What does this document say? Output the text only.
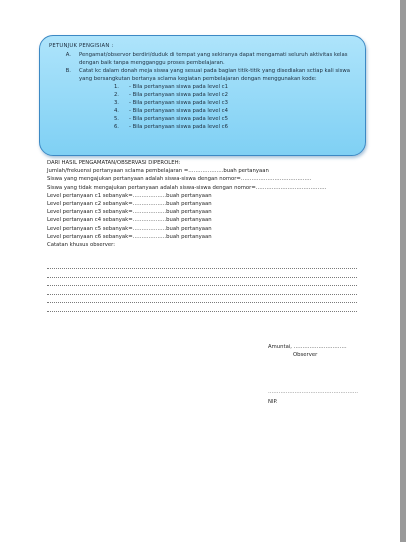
PETUNJUK PENGISIAN :
A.	Pengamat/observor berdiri/duduk di tempat yang sekiranya dapat mengamati seluruh aktivitas kelas dengan baik tanpa mengganggu proses pembelajaran.
B.	Catat kc dalam donah meja siswa yang sesuai pada bagian titik-titik yang disediakan sctiap kali siswa yang bersangkutan bertanya sclama kegiatan pembelajaran dengan menggunakan kode:
1.	- Bila pertanyaan siswa pada level c1
2.	- Bila pertanyaan siswa pada level c2
3.	- Bila pertanyaan siswa pada level c3
4.	- Bila pertanyaan siswa pada level c4
5.	- Bila pertanyaan siswa pada level c5
6.	- Bila pertanyaan siswa pada level c6
DARI HASIL PENGAMATAN/OBSERVASI DIPEROLEH:
Jumlah/frekuensi pertanyaan sclama pembelajaran =………………..buah pertanyaan
Siswa yang mengajukan pertanyaan adalah siswa-siswa dengan nomor=………………………………….
Siswa yang tidak mengajukan pertanyaan adalah siswa-siswa dengan nomor=………………………………….
Level pertanyaan c1 sebanyak=……………….buah pertanyaan
Level pertanyaan c2 sebanyak=……………….buah pertanyaan
Level pertanyaan c3 sebanyak=……………….buah pertanyaan
Level pertanyaan c4 sebanyak=……………….buah pertanyaan
Level pertanyaan c5 sebanyak=……………….buah pertanyaan
Level pertanyaan c6 sebanyak=……………….buah pertanyaan
Catatan khusus observer:
Amuntai, …………………………
Observer
……………………………………………
NIP.
